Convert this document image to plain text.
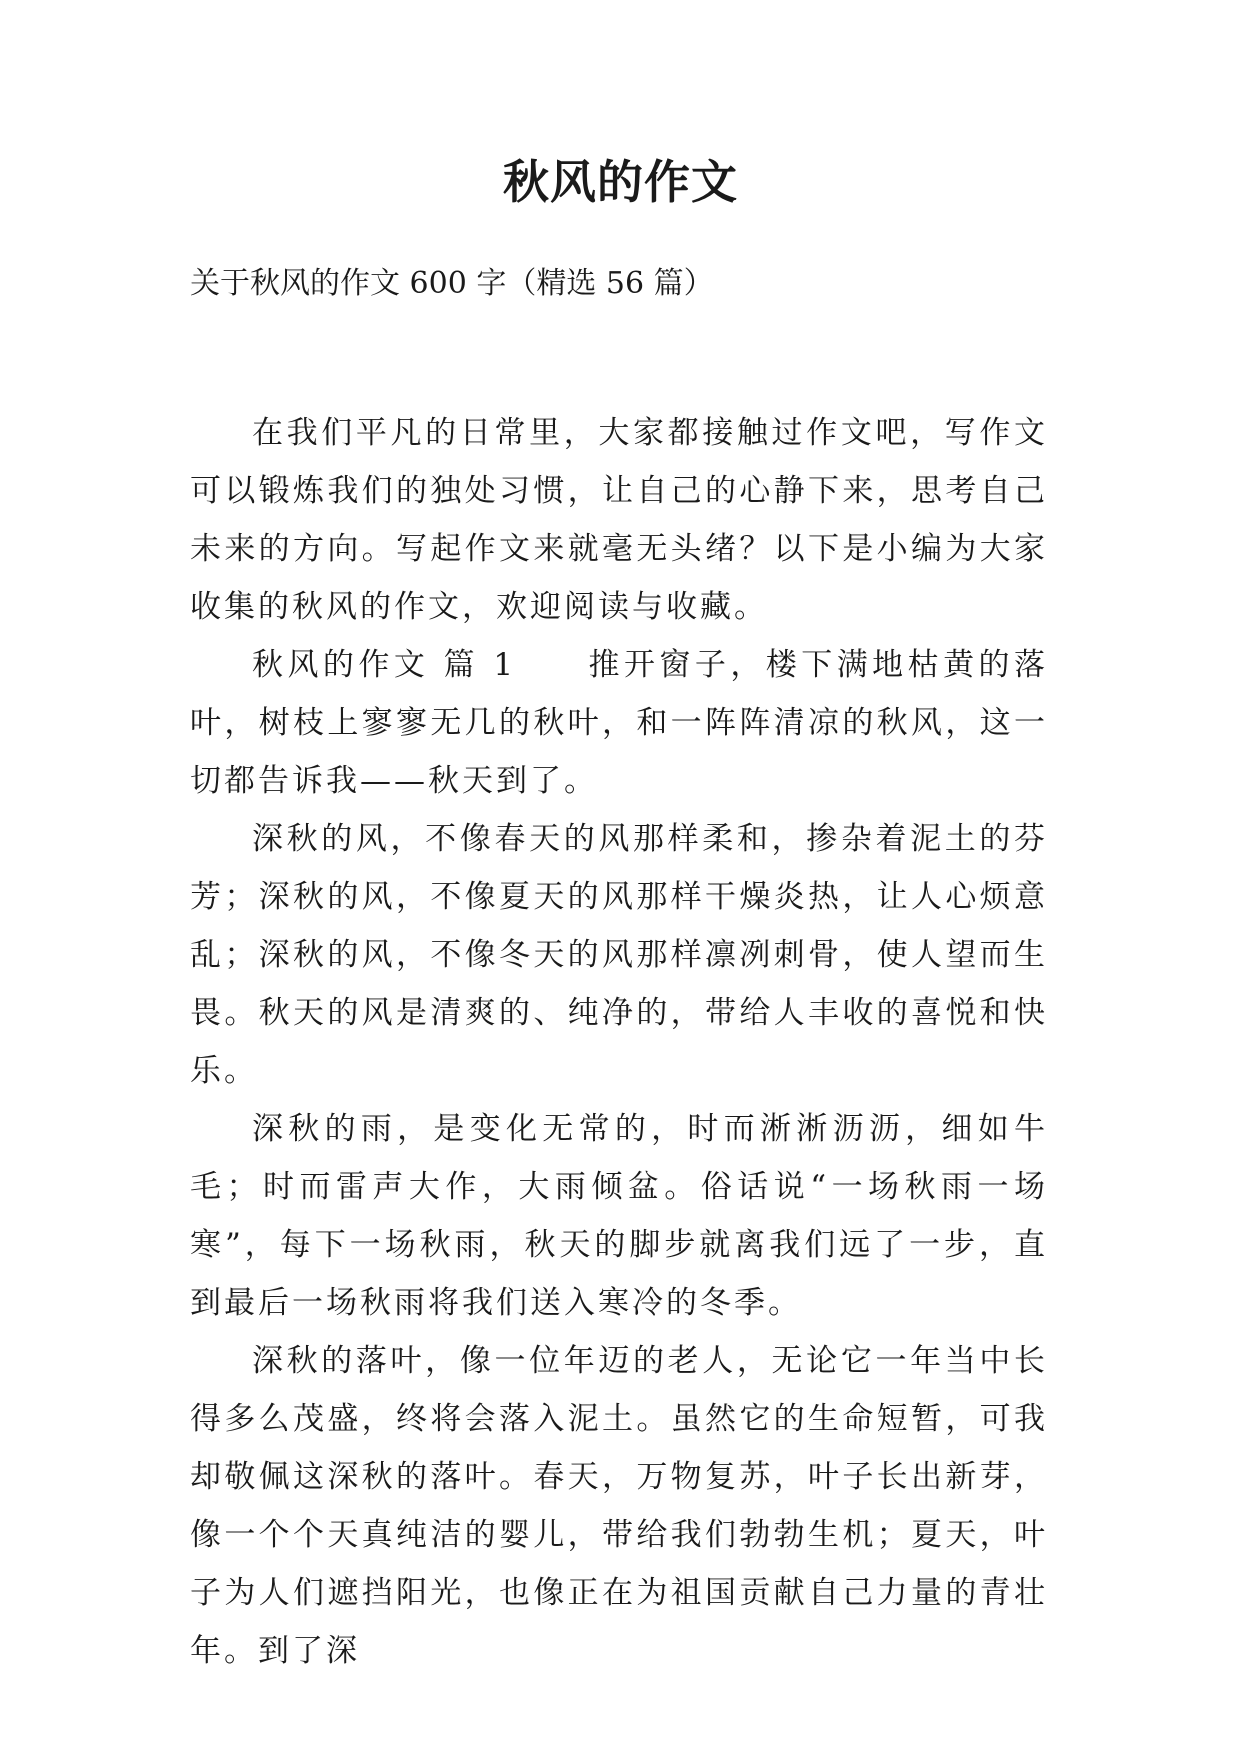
秋风的作文
关于秋风的作文 600 字（精选 56 篇）

在我们平凡的日常里，大家都接触过作文吧，写作文可以锻炼我们的独处习惯，让自己的心静下来，思考自己未来的方向。写起作文来就毫无头绪？以下是小编为大家收集的秋风的作文，欢迎阅读与收藏。

秋风的作文 篇 1　　推开窗子，楼下满地枯黄的落叶，树枝上寥寥无几的秋叶，和一阵阵清凉的秋风，这一切都告诉我——秋天到了。

深秋的风，不像春天的风那样柔和，掺杂着泥土的芬芳；深秋的风，不像夏天的风那样干燥炎热，让人心烦意乱；深秋的风，不像冬天的风那样凛冽刺骨，使人望而生畏。秋天的风是清爽的、纯净的，带给人丰收的喜悦和快乐。

深秋的雨，是变化无常的，时而淅淅沥沥，细如牛毛；时而雷声大作，大雨倾盆。俗话说“一场秋雨一场寒”，每下一场秋雨，秋天的脚步就离我们远了一步，直到最后一场秋雨将我们送入寒冷的冬季。

深秋的落叶，像一位年迈的老人，无论它一年当中长得多么茂盛，终将会落入泥土。虽然它的生命短暂，可我却敬佩这深秋的落叶。春天，万物复苏，叶子长出新芽，像一个个天真纯洁的婴儿，带给我们勃勃生机；夏天，叶子为人们遮挡阳光，也像正在为祖国贡献自己力量的青壮年。到了深
